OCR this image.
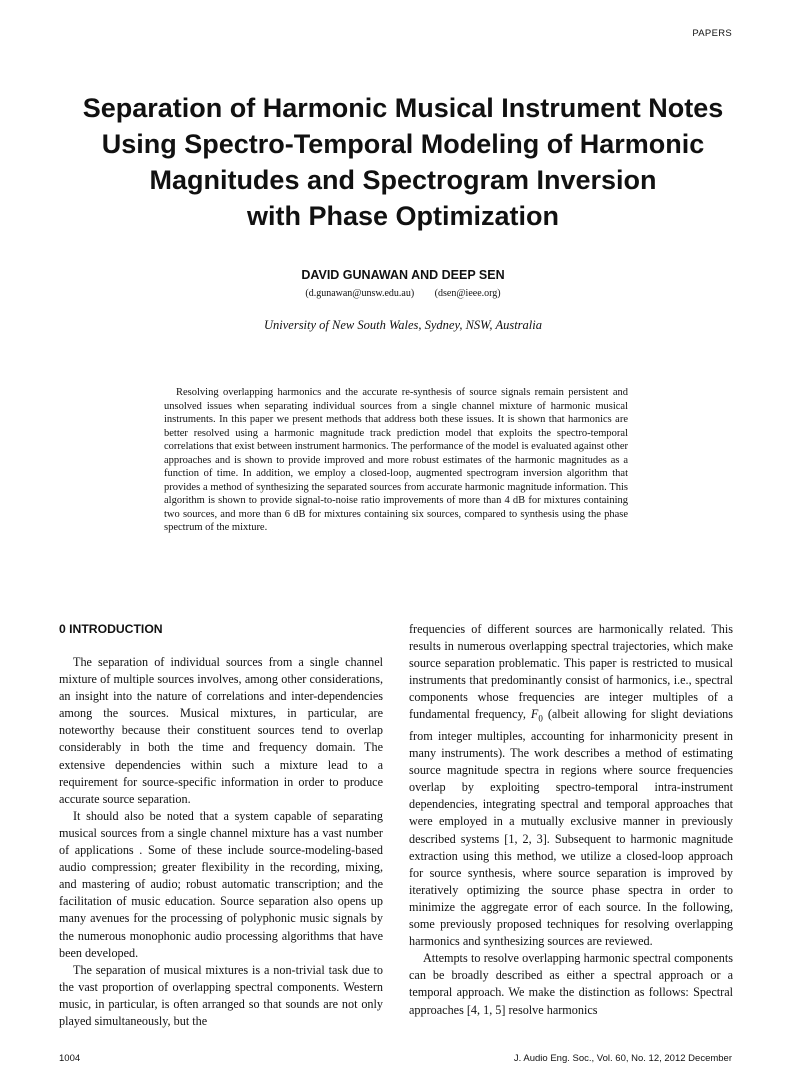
PAPERS
Separation of Harmonic Musical Instrument Notes
Using Spectro-Temporal Modeling of Harmonic
Magnitudes and Spectrogram Inversion
with Phase Optimization
DAVID GUNAWAN AND DEEP SEN
(d.gunawan@unsw.edu.au) (dsen@ieee.org)
University of New South Wales, Sydney, NSW, Australia

Resolving overlapping harmonics and the accurate re-synthesis of source signals remain persistent and unsolved issues when separating individual sources from a single channel mixture of harmonic musical instruments. In this paper we present methods that address both these issues. It is shown that harmonics are better resolved using a harmonic magnitude track prediction model that exploits the spectro-temporal correlations that exist between instrument harmonics. The performance of the model is evaluated against other approaches and is shown to provide improved and more robust estimates of the harmonic magnitudes as a function of time. In addition, we employ a closed-loop, augmented spectrogram inversion algorithm that provides a method of synthesizing the separated sources from accurate harmonic magnitude information. This algorithm is shown to provide signal-to-noise ratio improvements of more than 4 dB for mixtures containing two sources, and more than 6 dB for mixtures containing six sources, compared to synthesis using the phase spectrum of the mixture.

0 INTRODUCTION

The separation of individual sources from a single channel mixture of multiple sources involves, among other considerations, an insight into the nature of correlations and inter-dependencies among the sources. Musical mixtures, in particular, are noteworthy because their constituent sources tend to overlap considerably in both the time and frequency domain. The extensive dependencies within such a mixture lead to a requirement for source-specific information in order to produce accurate source separation.

It should also be noted that a system capable of separating musical sources from a single channel mixture has a vast number of applications . Some of these include source-modeling-based audio compression; greater flexibility in the recording, mixing, and mastering of audio; robust automatic transcription; and the facilitation of music education. Source separation also opens up many avenues for the processing of polyphonic music signals by the numerous monophonic audio processing algorithms that have been developed.

The separation of musical mixtures is a non-trivial task due to the vast proportion of overlapping spectral components. Western music, in particular, is often arranged so that sounds are not only played simultaneously, but the

frequencies of different sources are harmonically related. This results in numerous overlapping spectral trajectories, which make source separation problematic. This paper is restricted to musical instruments that predominantly consist of harmonics, i.e., spectral components whose frequencies are integer multiples of a fundamental frequency, $F_0$ (albeit allowing for slight deviations from integer multiples, accounting for inharmonicity present in many instruments). The work describes a method of estimating source magnitude spectra in regions where source frequencies overlap by exploiting spectro-temporal intra-instrument dependencies, integrating spectral and temporal approaches that were employed in a mutually exclusive manner in previously described systems [1, 2, 3]. Subsequent to harmonic magnitude extraction using this method, we utilize a closed-loop approach for source synthesis, where source separation is improved by iteratively optimizing the source phase spectra in order to minimize the aggregate error of each source. In the following, some previously proposed techniques for resolving overlapping harmonics and synthesizing sources are reviewed.

Attempts to resolve overlapping harmonic spectral components can be broadly described as either a spectral approach or a temporal approach. We make the distinction as follows: Spectral approaches [4, 1, 5] resolve harmonics

1004	J. Audio Eng. Soc., Vol. 60, No. 12, 2012 December
